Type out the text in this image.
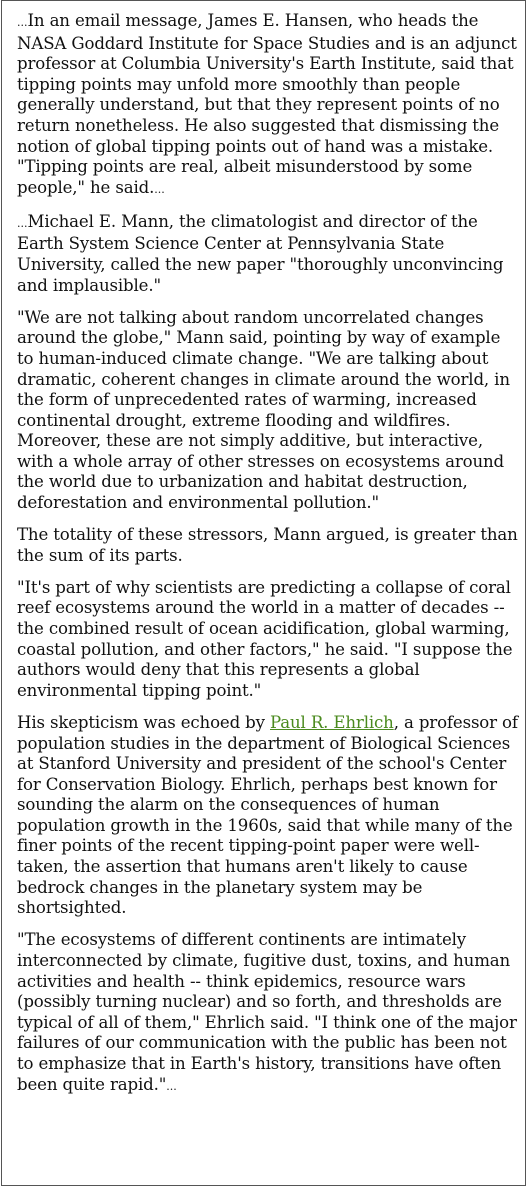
...In an email message, James E. Hansen, who heads the NASA Goddard Institute for Space Studies and is an adjunct professor at Columbia University's Earth Institute, said that tipping points may unfold more smoothly than people generally understand, but that they represent points of no return nonetheless. He also suggested that dismissing the notion of global tipping points out of hand was a mistake. "Tipping points are real, albeit misunderstood by some people," he said....

...Michael E. Mann, the climatologist and director of the Earth System Science Center at Pennsylvania State University, called the new paper "thoroughly unconvincing and implausible."

"We are not talking about random uncorrelated changes around the globe," Mann said, pointing by way of example to human-induced climate change. "We are talking about dramatic, coherent changes in climate around the world, in the form of unprecedented rates of warming, increased continental drought, extreme flooding and wildfires. Moreover, these are not simply additive, but interactive, with a whole array of other stresses on ecosystems around the world due to urbanization and habitat destruction, deforestation and environmental pollution."

The totality of these stressors, Mann argued, is greater than the sum of its parts.

"It's part of why scientists are predicting a collapse of coral reef ecosystems around the world in a matter of decades -- the combined result of ocean acidification, global warming, coastal pollution, and other factors," he said. "I suppose the authors would deny that this represents a global environmental tipping point."

His skepticism was echoed by Paul R. Ehrlich, a professor of population studies in the department of Biological Sciences at Stanford University and president of the school's Center for Conservation Biology. Ehrlich, perhaps best known for sounding the alarm on the consequences of human population growth in the 1960s, said that while many of the finer points of the recent tipping-point paper were well-taken, the assertion that humans aren't likely to cause bedrock changes in the planetary system may be shortsighted.

"The ecosystems of different continents are intimately interconnected by climate, fugitive dust, toxins, and human activities and health -- think epidemics, resource wars (possibly turning nuclear) and so forth, and thresholds are typical of all of them," Ehrlich said. "I think one of the major failures of our communication with the public has been not to emphasize that in Earth's history, transitions have often been quite rapid."...
